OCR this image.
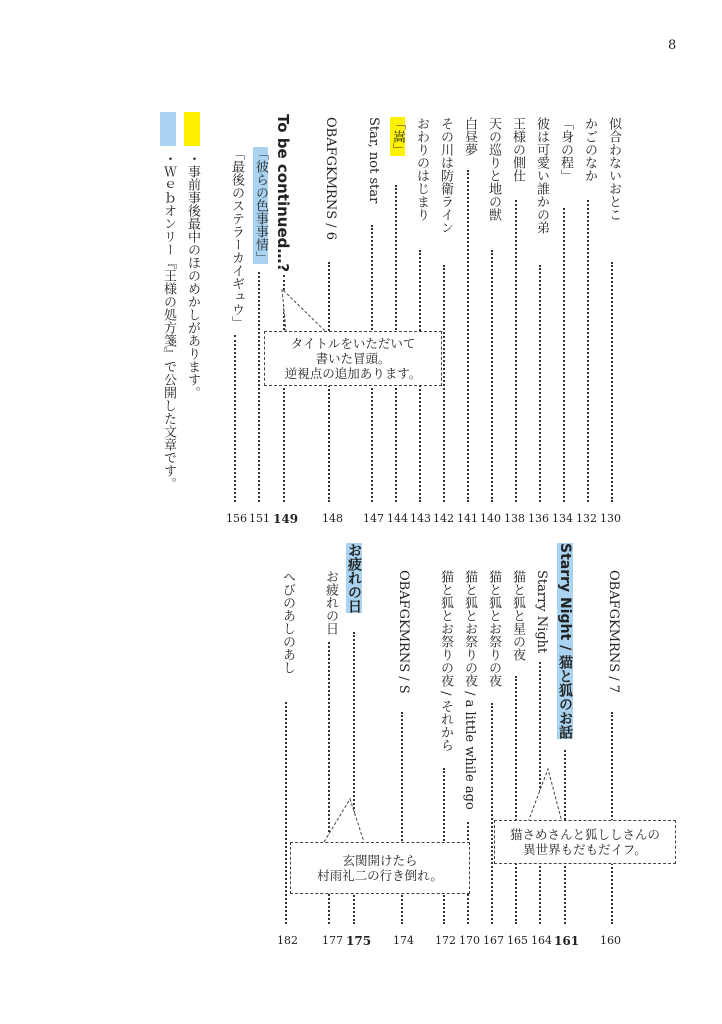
8
似合わないおとこ
130
かごのなか
132
「身の程」
134
彼は可愛い誰かの弟
136
王様の側仕
138
天の巡りと地の獣
140
白昼夢
141
その川は防衛ライン
142
おわりのはじまり
143
「嵩」
144
Star, not star
147
OBAFGKMRNS / 6
148
To be continued…?
149
「彼らの色事事情」
151
「最後のステラーカイギュウ」
156
・事前事後最中のほのめかしがあります。
・Ｗｅｂオンリー『王様の処方箋』で公開した文章です。
OBAFGKMRNS / 7
160
Starry Night / 猫と狐のお話
161
Starry Night
164
猫と狐と星の夜
165
猫と狐とお祭りの夜
167
猫と狐とお祭りの夜 / a little while ago
170
猫と狐とお祭りの夜 / それから
172
OBAFGKMRNS / S
174
お疲れの日
175
お疲れの日
177
へびのあしのあし
182
タイトルをいただいて
書いた冒頭。
逆視点の追加あります。
猫さめさんと狐ししさんの
異世界もだもだイフ。
玄関開けたら
村雨礼二の行き倒れ。
